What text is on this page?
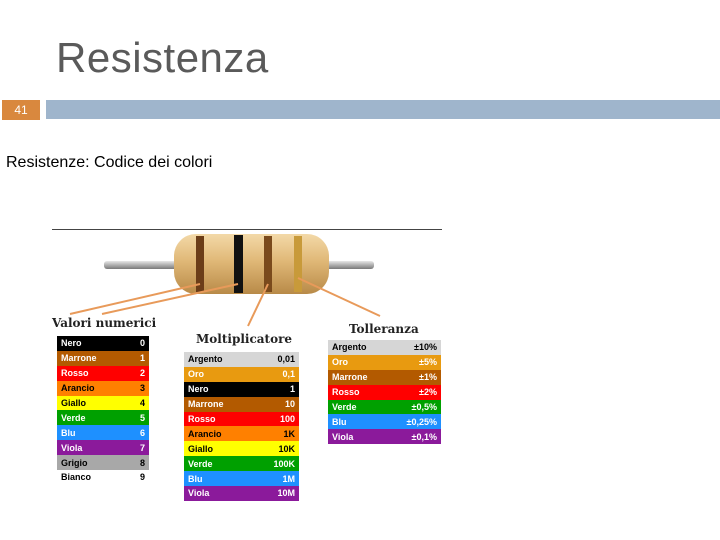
Resistenza
41
Resistenze: Codice dei colori
Valori numerici
Nero	0
Marrone	1
Rosso	2
Arancio	3
Giallo	4
Verde	5
Blu	6
Viola	7
Grigio	8
Bianco	9
Moltiplicatore
Argento	0,01
Oro	0,1
Nero	1
Marrone	10
Rosso	100
Arancio	1K
Giallo	10K
Verde	100K
Blu	1M
Viola	10M
Tolleranza
Argento	±10%
Oro	±5%
Marrone	±1%
Rosso	±2%
Verde	±0,5%
Blu	±0,25%
Viola	±0,1%
